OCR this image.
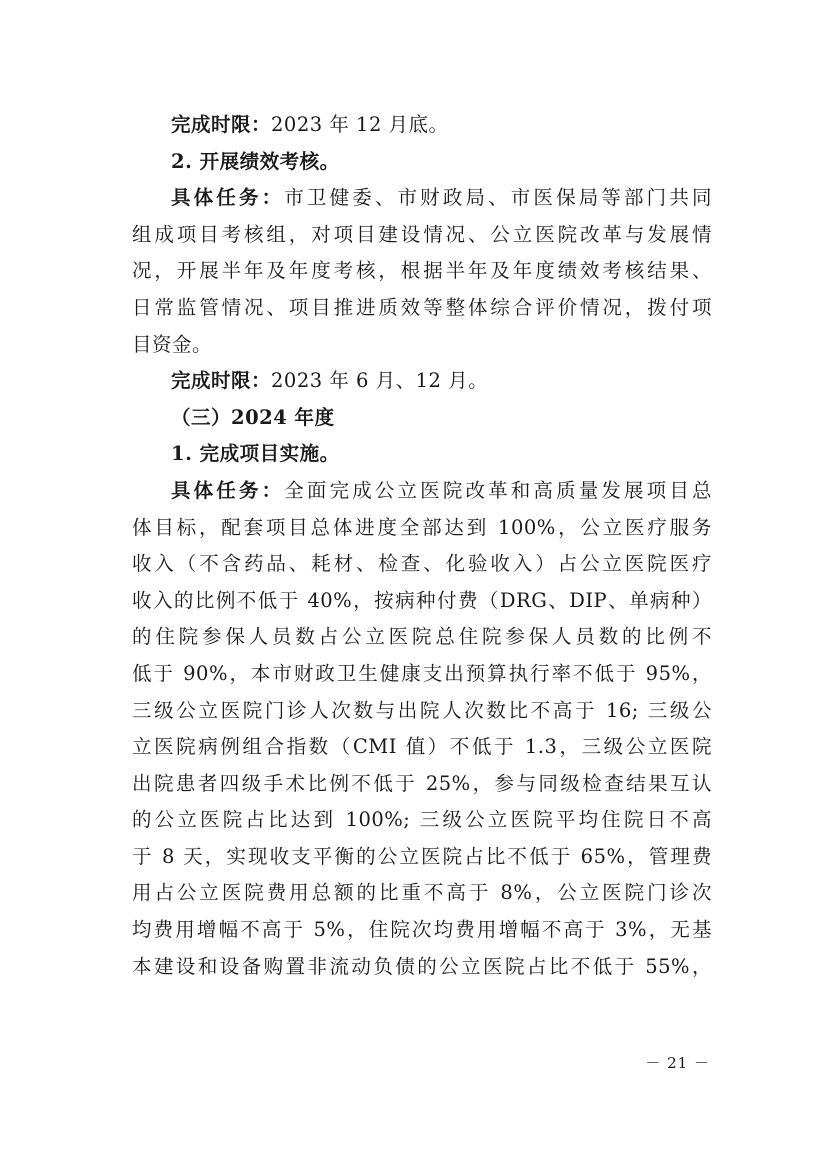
完成时限：2023 年 12 月底。
2. 开展绩效考核。
具体任务：市卫健委、市财政局、市医保局等部门共同
组成项目考核组，对项目建设情况、公立医院改革与发展情
况，开展半年及年度考核，根据半年及年度绩效考核结果、
日常监管情况、项目推进质效等整体综合评价情况，拨付项
目资金。
完成时限：2023 年 6 月、12 月。
（三）2024 年度
1. 完成项目实施。
具体任务：全面完成公立医院改革和高质量发展项目总
体目标，配套项目总体进度全部达到 100%，公立医疗服务
收入（不含药品、耗材、检查、化验收入）占公立医院医疗
收入的比例不低于 40%，按病种付费（DRG、DIP、单病种）
的住院参保人员数占公立医院总住院参保人员数的比例不
低于 90%，本市财政卫生健康支出预算执行率不低于 95%，
三级公立医院门诊人次数与出院人次数比不高于 16; 三级公
立医院病例组合指数（CMI 值）不低于 1.3，三级公立医院
出院患者四级手术比例不低于 25%，参与同级检查结果互认
的公立医院占比达到 100%; 三级公立医院平均住院日不高
于 8 天，实现收支平衡的公立医院占比不低于 65%，管理费
用占公立医院费用总额的比重不高于 8%，公立医院门诊次
均费用增幅不高于 5%，住院次均费用增幅不高于 3%，无基
本建设和设备购置非流动负债的公立医院占比不低于 55%，
－ 21 －
